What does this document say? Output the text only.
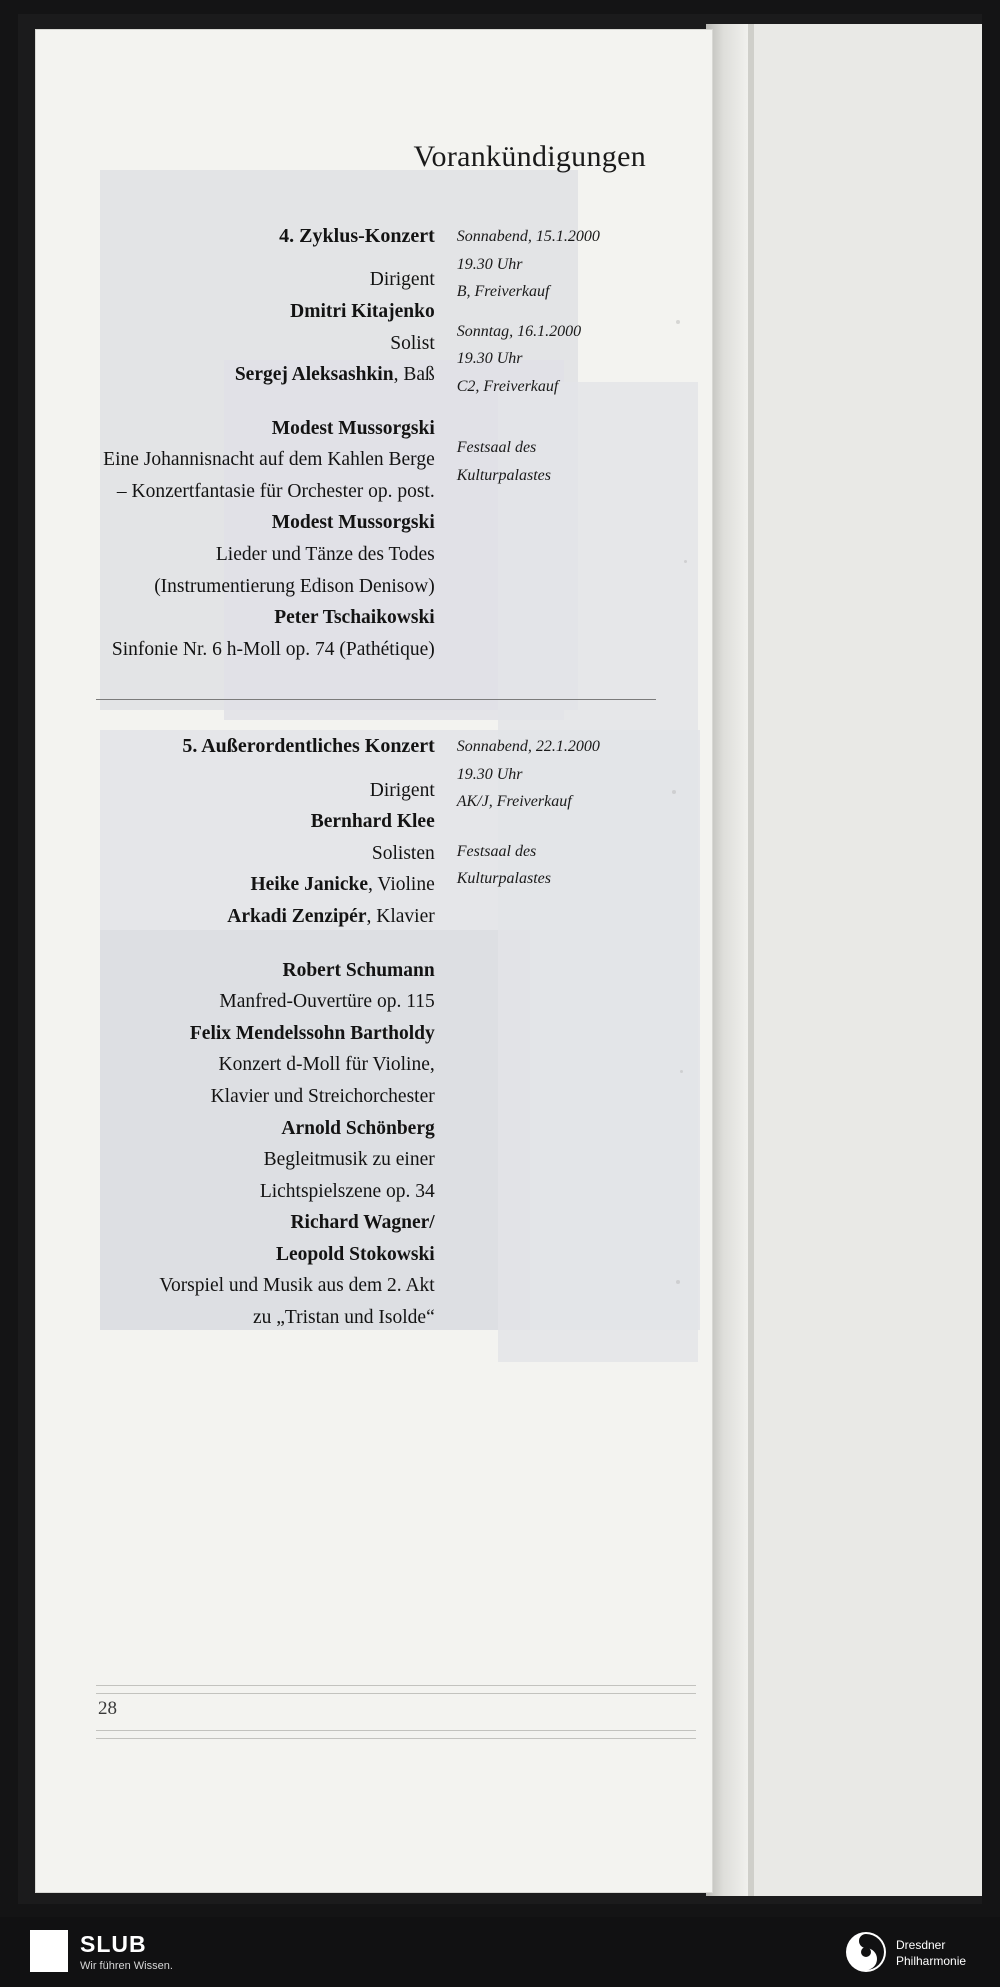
Vorankündigungen
4. Zyklus-Konzert
Dirigent
Dmitri Kitajenko
Solist
Sergej Aleksashkin, Baß
Modest Mussorgski
Eine Johannisnacht auf dem Kahlen Berge
– Konzertfantasie für Orchester op. post.
Modest Mussorgski
Lieder und Tänze des Todes
(Instrumentierung Edison Denisow)
Peter Tschaikowski
Sinfonie Nr. 6 h-Moll op. 74 (Pathétique)
Sonnabend, 15.1.2000
19.30 Uhr
B, Freiverkauf
Sonntag, 16.1.2000
19.30 Uhr
C2, Freiverkauf
Festsaal des
Kulturpalastes
5. Außerordentliches Konzert
Dirigent
Bernhard Klee
Solisten
Heike Janicke, Violine
Arkadi Zenzipér, Klavier
Robert Schumann
Manfred-Ouvertüre op. 115
Felix Mendelssohn Bartholdy
Konzert d-Moll für Violine,
Klavier und Streichorchester
Arnold Schönberg
Begleitmusik zu einer
Lichtspielszene op. 34
Richard Wagner/
Leopold Stokowski
Vorspiel und Musik aus dem 2. Akt
zu „Tristan und Isolde“
Sonnabend, 22.1.2000
19.30 Uhr
AK/J, Freiverkauf
Festsaal des
Kulturpalastes
28
SLUB
Wir führen Wissen.
Dresdner
Philharmonie
